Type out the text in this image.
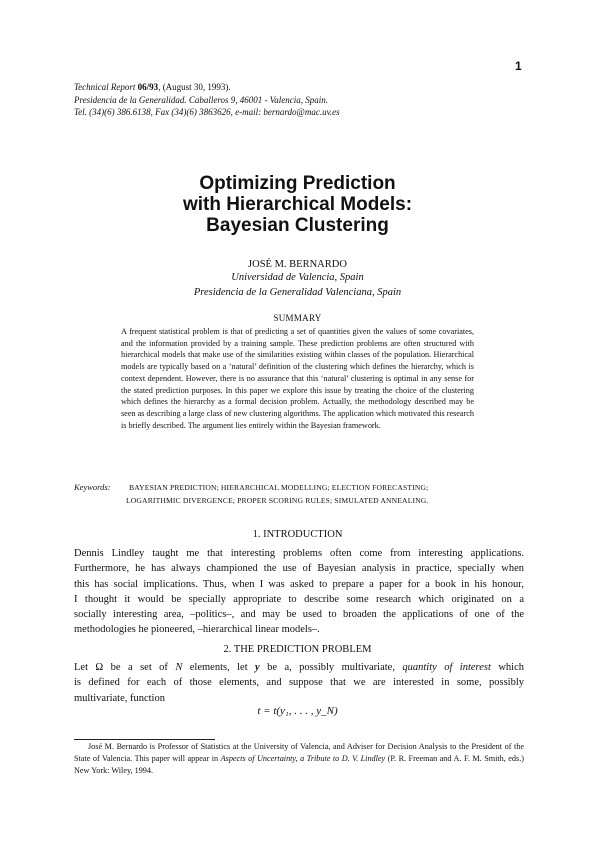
1
Technical Report 06/93, (August 30, 1993).
Presidencia de la Generalidad. Caballeros 9, 46001 - Valencia, Spain.
Tel. (34)(6) 386.6138, Fax (34)(6) 3863626, e-mail: bernardo@mac.uv.es
Optimizing Prediction
with Hierarchical Models:
Bayesian Clustering
JOSÉ M. BERNARDO
Universidad de Valencia, Spain
Presidencia de la Generalidad Valenciana, Spain
SUMMARY
A frequent statistical problem is that of predicting a set of quantities given the values of some covariates, and the information provided by a training sample. These prediction problems are often structured with hierarchical models that make use of the similarities existing within classes of the population. Hierarchical models are typically based on a ‘natural’ definition of the clustering which defines the hierarchy, which is context dependent. However, there is no assurance that this ‘natural’ clustering is optimal in any sense for the stated prediction purposes. In this paper we explore this issue by treating the choice of the clustering which defines the hierarchy as a formal decision problem. Actually, the methodology described may be seen as describing a large class of new clustering algorithms. The application which motivated this research is briefly described. The argument lies entirely within the Bayesian framework.
Keywords: BAYESIAN PREDICTION; HIERARCHICAL MODELLING; ELECTION FORECASTING;
LOGARITHMIC DIVERGENCE; PROPER SCORING RULES; SIMULATED ANNEALING.
1. INTRODUCTION
Dennis Lindley taught me that interesting problems often come from interesting applications.
Furthermore, he has always championed the use of Bayesian analysis in practice, specially when
this has social implications. Thus, when I was asked to prepare a paper for a book in his honour,
I thought it would be specially appropriate to describe some research which originated on a
socially interesting area, –politics–, and may be used to broaden the applications of one of the
methodologies he pioneered, –hierarchical linear models–.
2. THE PREDICTION PROBLEM
Let Ω be a set of N elements, let y be a, possibly multivariate, quantity of interest which
is defined for each of those elements, and suppose that we are interested in some, possibly
multivariate, function
t = t(y₁, . . . , y_N)
José M. Bernardo is Professor of Statistics at the University of Valencia, and Adviser for Decision Analysis to the President of the State of Valencia. This paper will appear in Aspects of Uncertainty, a Tribute to D. V. Lindley (P. R. Freeman and A. F. M. Smith, eds.) New York: Wiley, 1994.
